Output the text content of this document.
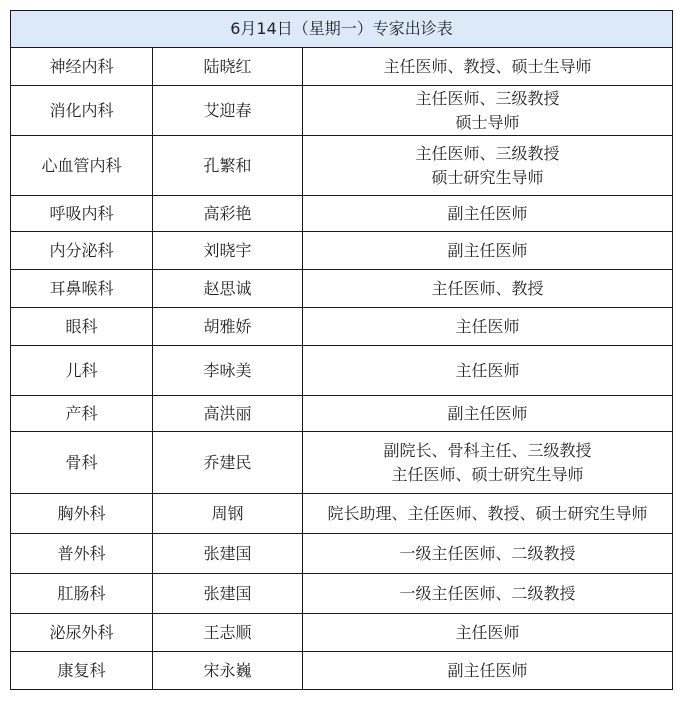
6月14日（星期一）专家出诊表		
神经内科	陆晓红	主任医师、教授、硕士生导师

消化内科	艾迎春	主任医师、三级教授
硕士导师

心血管内科	孔繁和	主任医师、三级教授
硕士研究生导师

呼吸内科	高彩艳	副主任医师

内分泌科	刘晓宇	副主任医师

耳鼻喉科	赵思诚	主任医师、教授

眼科	胡雅娇	主任医师

儿科	李咏美	主任医师

产科	高洪丽	副主任医师

骨科	乔建民	副院长、骨科主任、三级教授
主任医师、硕士研究生导师

胸外科	周钢	院长助理、主任医师、教授、硕士研究生导师

普外科	张建国	一级主任医师、二级教授

肛肠科	张建国	一级主任医师、二级教授

泌尿外科	王志顺	主任医师

康复科	宋永巍	副主任医师
